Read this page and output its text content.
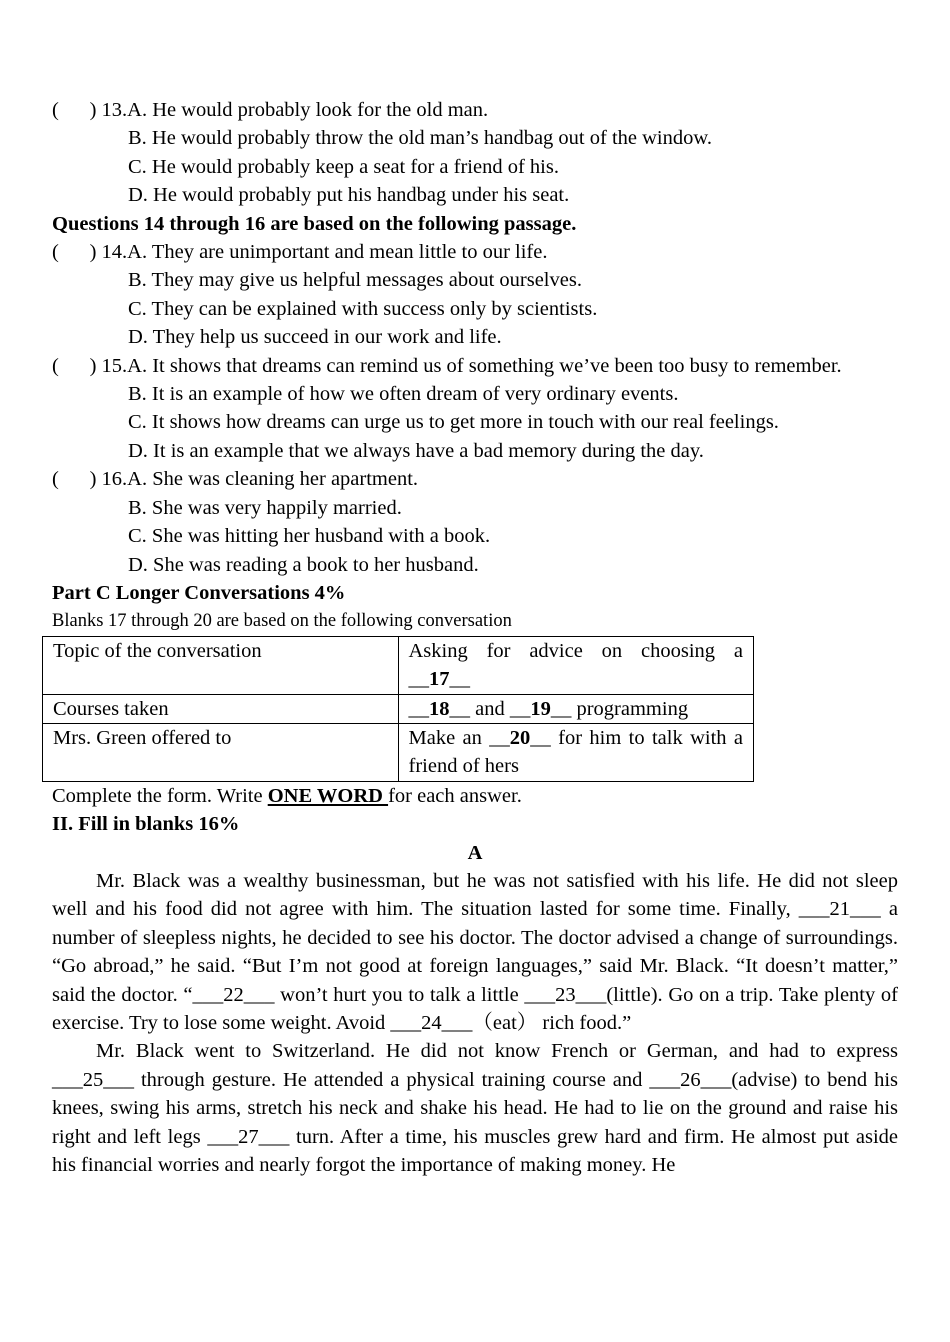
(      ) 13.A. He would probably look for the old man.
B. He would probably throw the old man’s handbag out of the window.
C. He would probably keep a seat for a friend of his.
D. He would probably put his handbag under his seat.
Questions 14 through 16 are based on the following passage.
(      ) 14.A. They are unimportant and mean little to our life.
B. They may give us helpful messages about ourselves.
C. They can be explained with success only by scientists.
D. They help us succeed in our work and life.
(      ) 15.A. It shows that dreams can remind us of something we’ve been too busy to remember.
B. It is an example of how we often dream of very ordinary events.
C. It shows how dreams can urge us to get more in touch with our real feelings.
D. It is an example that we always have a bad memory during the day.
(      ) 16.A. She was cleaning her apartment.
B. She was very happily married.
C. She was hitting her husband with a book.
D. She was reading a book to her husband.
Part C Longer Conversations 4%
Blanks 17 through 20 are based on the following conversation
Topic of the conversation	Asking for advice on choosing a
__17__

Courses taken	__18__ and __19__ programming
Mrs. Green offered to	Make an __20__ for him to talk with a friend of hers
Complete the form. Write ONE WORD for each answer.
II. Fill in blanks 16%
A

Mr. Black was a wealthy businessman, but he was not satisfied with his life. He did not sleep well and his food did not agree with him. The situation lasted for some time. Finally, ___21___ a number of sleepless nights, he decided to see his doctor. The doctor advised a change of surroundings. “Go abroad,” he said. “But I’m not good at foreign languages,” said Mr. Black. “It doesn’t matter,” said the doctor. “___22___ won’t hurt you to talk a little ___23___(little). Go on a trip. Take plenty of exercise. Try to lose some weight. Avoid ___24___（eat） rich food.”

Mr. Black went to Switzerland. He did not know French or German, and had to express ___25___ through gesture. He attended a physical training course and ___26___(advise) to bend his knees, swing his arms, stretch his neck and shake his head. He had to lie on the ground and raise his right and left legs ___27___ turn. After a time, his muscles grew hard and firm. He almost put aside his financial worries and nearly forgot the importance of making money. He
